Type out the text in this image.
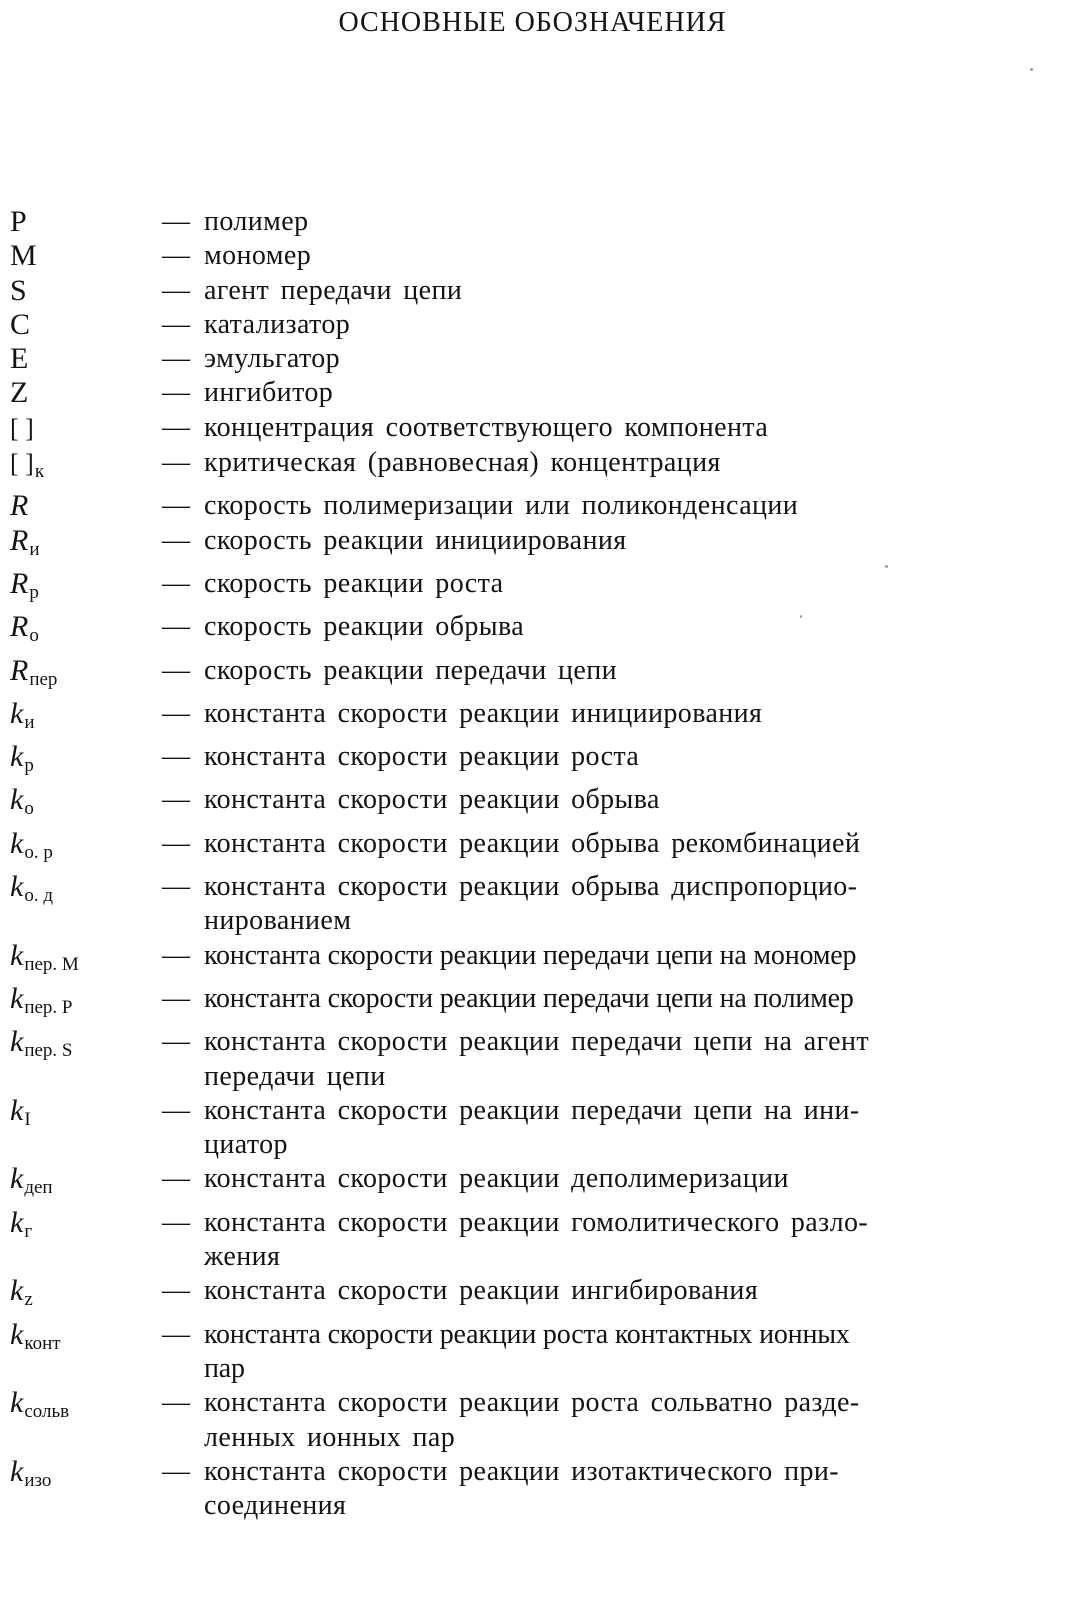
ОСНОВНЫЕ ОБОЗНАЧЕНИЯ
P	— полимер
M	— мономер
S	— агент передачи цепи
C	— катализатор
E	— эмульгатор
Z	— ингибитор
[ ]	— концентрация соответствующего компонента
[ ]$_к$	— критическая (равновесная) концентрация
R	— скорость полимеризации или поликонденсации
$R_и$	— скорость реакции инициирования
$R_р$	— скорость реакции роста
$R_о$	— скорость реакции обрыва
$R_{пер}$	— скорость реакции передачи цепи
$k_и$	— константа скорости реакции инициирования
$k_р$	— константа скорости реакции роста
$k_о$	— константа скорости реакции обрыва
$k_{о. р}$	— константа скорости реакции обрыва рекомбинацией
$k_{о. д}$	— константа скорости реакции обрыва диспропорцио-
нированием
$k_{пер. М}$	— константа скорости реакции передачи цепи на мономер
$k_{пер. Р}$	— константа скорости реакции передачи цепи на полимер
$k_{пер. S}$	— константа скорости реакции передачи цепи на агент
передачи цепи
$k_I$	— константа скорости реакции передачи цепи на ини-
циатор
$k_{деп}$	— константа скорости реакции деполимеризации
$k_г$	— константа скорости реакции гомолитического разло-
жения
$k_z$	— константа скорости реакции ингибирования
$k_{конт}$	— константа скорости реакции роста контактных ионных
пар
$k_{сольв}$	— константа скорости реакции роста сольватно разде-
ленных ионных пар
$k_{изо}$	— константа скорости реакции изотактического при-
соединения
